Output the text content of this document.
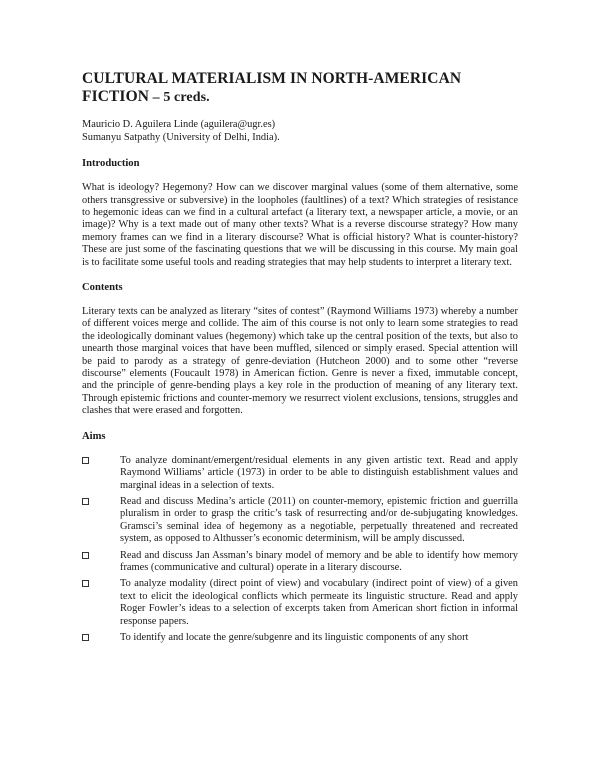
CULTURAL MATERIALISM IN NORTH-AMERICAN FICTION – 5 creds.
Mauricio D. Aguilera Linde (aguilera@ugr.es)
Sumanyu Satpathy (University of Delhi, India).
Introduction

What is ideology? Hegemony? How can we discover marginal values (some of them alternative, some others transgressive or subversive) in the loopholes (faultlines) of a text? Which strategies of resistance to hegemonic ideas can we find in a cultural artefact (a literary text, a newspaper article, a movie, or an image)? Why is a text made out of many other texts? What is a reverse discourse strategy? How many memory frames can we find in a literary discourse? What is official history? What is counter-history? These are just some of the fascinating questions that we will be discussing in this course. My main goal is to facilitate some useful tools and reading strategies that may help students to interpret a literary text.

Contents

Literary texts can be analyzed as literary “sites of contest” (Raymond Williams 1973) whereby a number of different voices merge and collide. The aim of this course is not only to learn some strategies to read the ideologically dominant values (hegemony) which take up the central position of the texts, but also to unearth those marginal voices that have been muffled, silenced or simply erased. Special attention will be paid to parody as a strategy of genre-deviation (Hutcheon 2000) and to some other “reverse discourse” elements (Foucault 1978) in American fiction. Genre is never a fixed, immutable concept, and the principle of genre-bending plays a key role in the production of meaning of any literary text. Through epistemic frictions and counter-memory we resurrect violent exclusions, tensions, struggles and clashes that were erased and forgotten.

Aims
To analyze dominant/emergent/residual elements in any given artistic text. Read and apply Raymond Williams’ article (1973) in order to be able to distinguish establishment values and marginal ideas in a selection of texts.
Read and discuss Medina’s article (2011) on counter-memory, epistemic friction and guerrilla pluralism in order to grasp the critic’s task of resurrecting and/or de-subjugating knowledges. Gramsci’s seminal idea of hegemony as a negotiable, perpetually threatened and recreated system, as opposed to Althusser’s economic determinism, will be amply discussed.
Read and discuss Jan Assman’s binary model of memory and be able to identify how memory frames (communicative and cultural) operate in a literary discourse.
To analyze modality (direct point of view) and vocabulary (indirect point of view) of a given text to elicit the ideological conflicts which permeate its linguistic structure. Read and apply Roger Fowler’s ideas to a selection of excerpts taken from American short fiction in informal response papers.
To identify and locate the genre/subgenre and its linguistic components of any short
